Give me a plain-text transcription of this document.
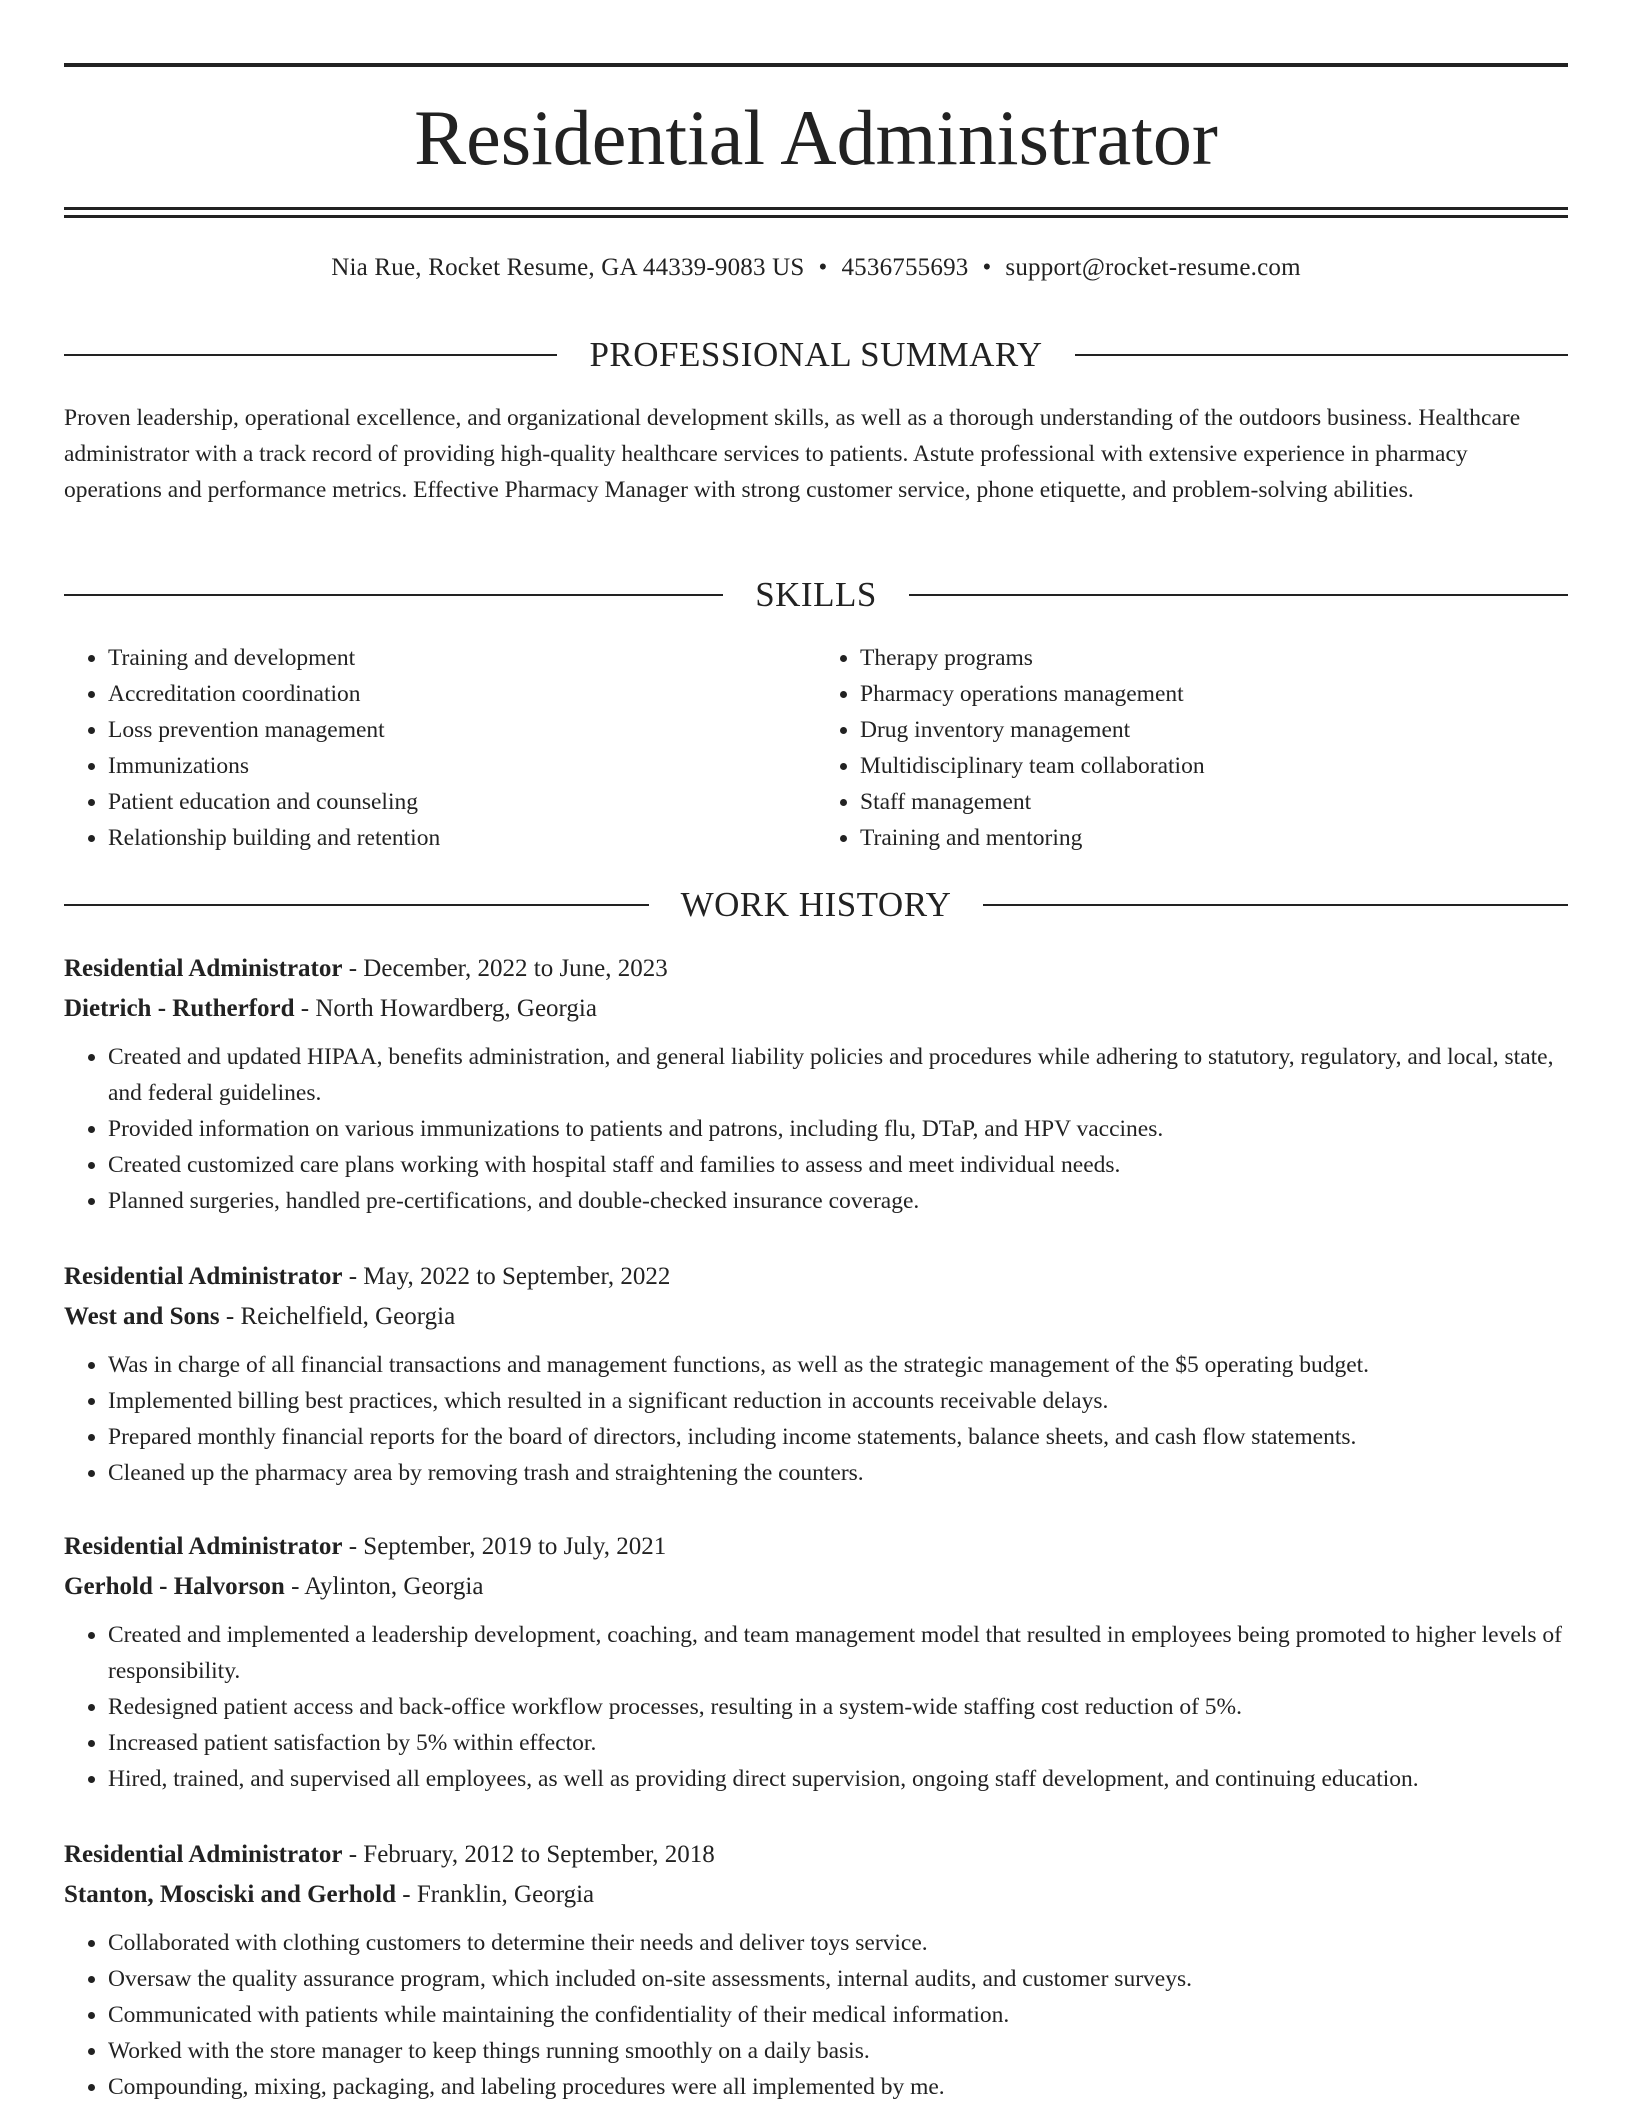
Residential Administrator
Nia Rue, Rocket Resume, GA 44339-9083 US • 4536755693 • support@rocket-resume.com
PROFESSIONAL SUMMARY

Proven leadership, operational excellence, and organizational development skills, as well as a thorough understanding of the outdoors business. Healthcare administrator with a track record of providing high-quality healthcare services to patients. Astute professional with extensive experience in pharmacy operations and performance metrics. Effective Pharmacy Manager with strong customer service, phone etiquette, and problem-solving abilities.

SKILLS
• Training and development
• Accreditation coordination
• Loss prevention management
• Immunizations
• Patient education and counseling
• Relationship building and retention
• Therapy programs
• Pharmacy operations management
• Drug inventory management
• Multidisciplinary team collaboration
• Staff management
• Training and mentoring
WORK HISTORY
Residential Administrator - December, 2022 to June, 2023
Dietrich - Rutherford - North Howardberg, Georgia
• Created and updated HIPAA, benefits administration, and general liability policies and procedures while adhering to statutory, regulatory, and local, state, and federal guidelines.
• Provided information on various immunizations to patients and patrons, including flu, DTaP, and HPV vaccines.
• Created customized care plans working with hospital staff and families to assess and meet individual needs.
• Planned surgeries, handled pre-certifications, and double-checked insurance coverage.
Residential Administrator - May, 2022 to September, 2022
West and Sons - Reichelfield, Georgia
• Was in charge of all financial transactions and management functions, as well as the strategic management of the $5 operating budget.
• Implemented billing best practices, which resulted in a significant reduction in accounts receivable delays.
• Prepared monthly financial reports for the board of directors, including income statements, balance sheets, and cash flow statements.
• Cleaned up the pharmacy area by removing trash and straightening the counters.
Residential Administrator - September, 2019 to July, 2021
Gerhold - Halvorson - Aylinton, Georgia
• Created and implemented a leadership development, coaching, and team management model that resulted in employees being promoted to higher levels of responsibility.
• Redesigned patient access and back-office workflow processes, resulting in a system-wide staffing cost reduction of 5%.
• Increased patient satisfaction by 5% within effector.
• Hired, trained, and supervised all employees, as well as providing direct supervision, ongoing staff development, and continuing education.
Residential Administrator - February, 2012 to September, 2018
Stanton, Mosciski and Gerhold - Franklin, Georgia
• Collaborated with clothing customers to determine their needs and deliver toys service.
• Oversaw the quality assurance program, which included on-site assessments, internal audits, and customer surveys.
• Communicated with patients while maintaining the confidentiality of their medical information.
• Worked with the store manager to keep things running smoothly on a daily basis.
• Compounding, mixing, packaging, and labeling procedures were all implemented by me.
